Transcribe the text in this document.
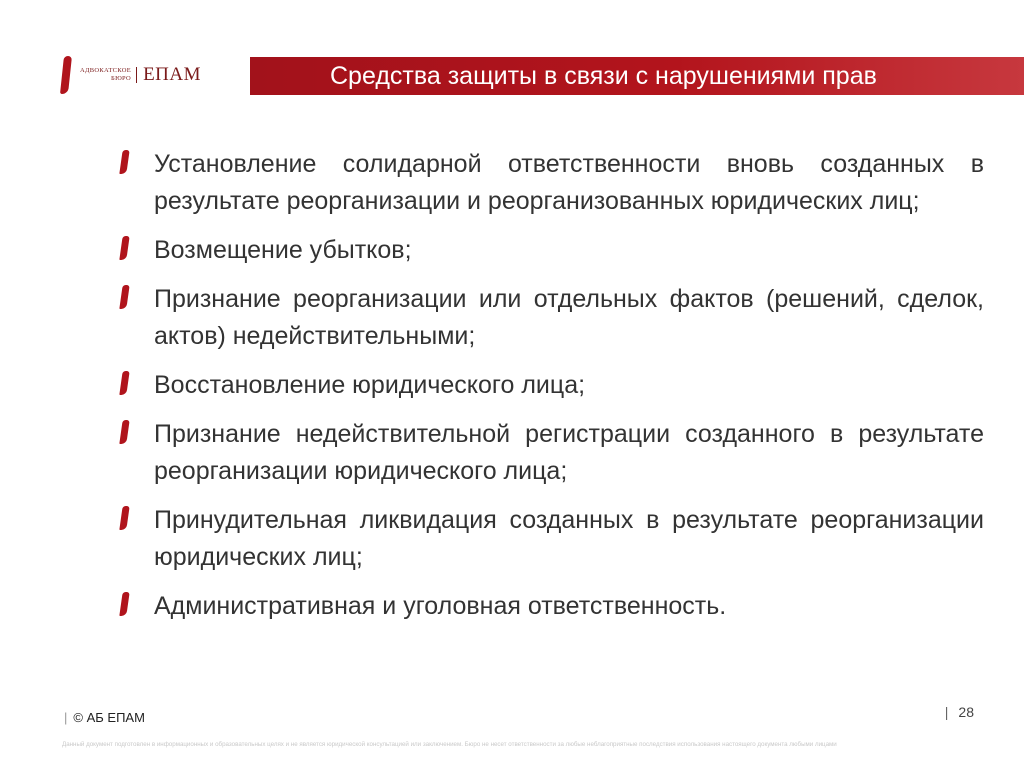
АДВОКАТСКОЕ
БЮРО ЕПАМ	Средства защиты в связи с нарушениями прав
Установление солидарной ответственности вновь созданных в результате реорганизации и реорганизованных юридических лиц;
Возмещение убытков;
Признание реорганизации или отдельных фактов (решений, сделок, актов) недействительными;
Восстановление юридического лица;
Признание недействительной регистрации созданного в результате реорганизации юридического лица;
Принудительная ликвидация созданных в результате реорганизации юридических лиц;
Административная и уголовная ответственность.
| © АБ ЕПАМ	| 28
Данный документ подготовлен в информационных и образовательных целях и не является юридической консультацией или заключением. Бюро не несет ответственности за любые неблагоприятные последствия использования настоящего документа любыми лицами
